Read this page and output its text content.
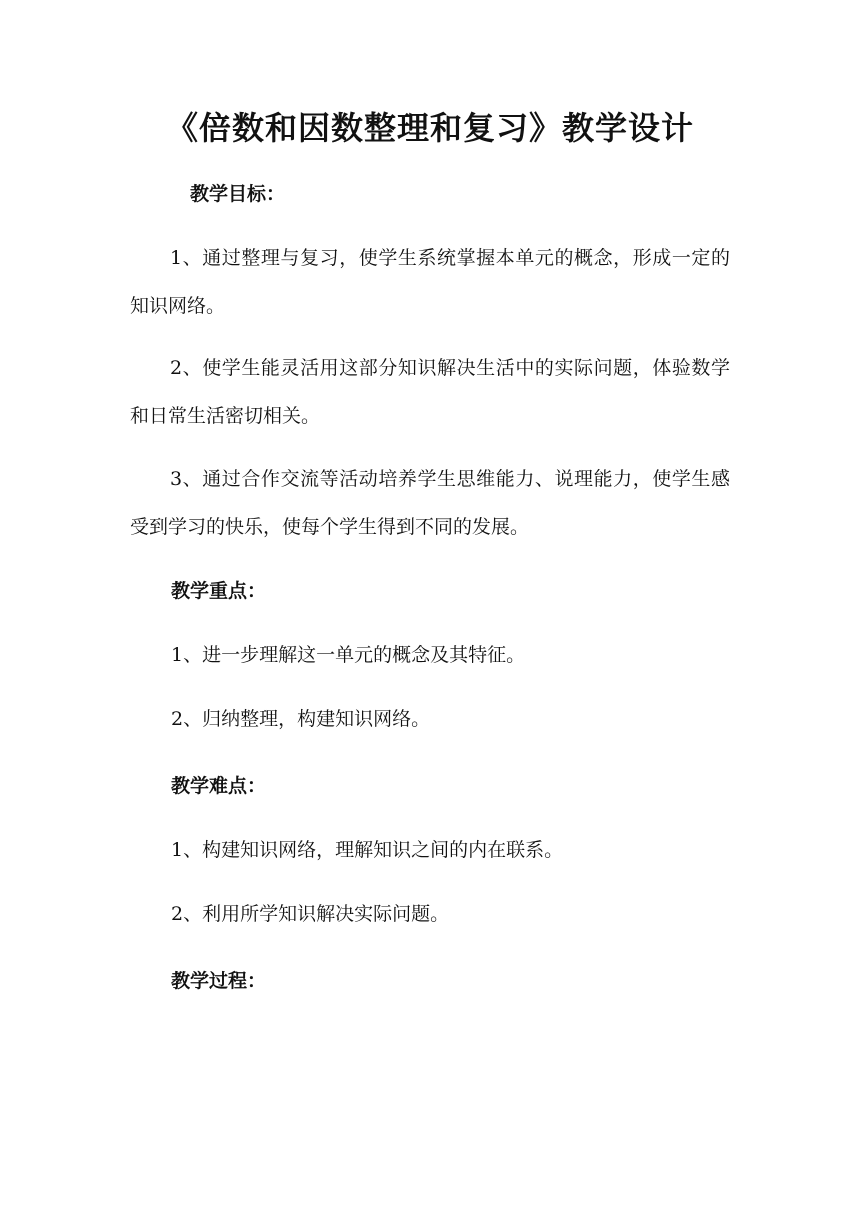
《倍数和因数整理和复习》教学设计
教学目标：

1、通过整理与复习，使学生系统掌握本单元的概念，形成一定的知识网络。

2、使学生能灵活用这部分知识解决生活中的实际问题，体验数学和日常生活密切相关。

3、通过合作交流等活动培养学生思维能力、说理能力，使学生感受到学习的快乐，使每个学生得到不同的发展。

教学重点：
1、进一步理解这一单元的概念及其特征。
2、归纳整理，构建知识网络。
教学难点：
1、构建知识网络，理解知识之间的内在联系。
2、利用所学知识解决实际问题。
教学过程：
